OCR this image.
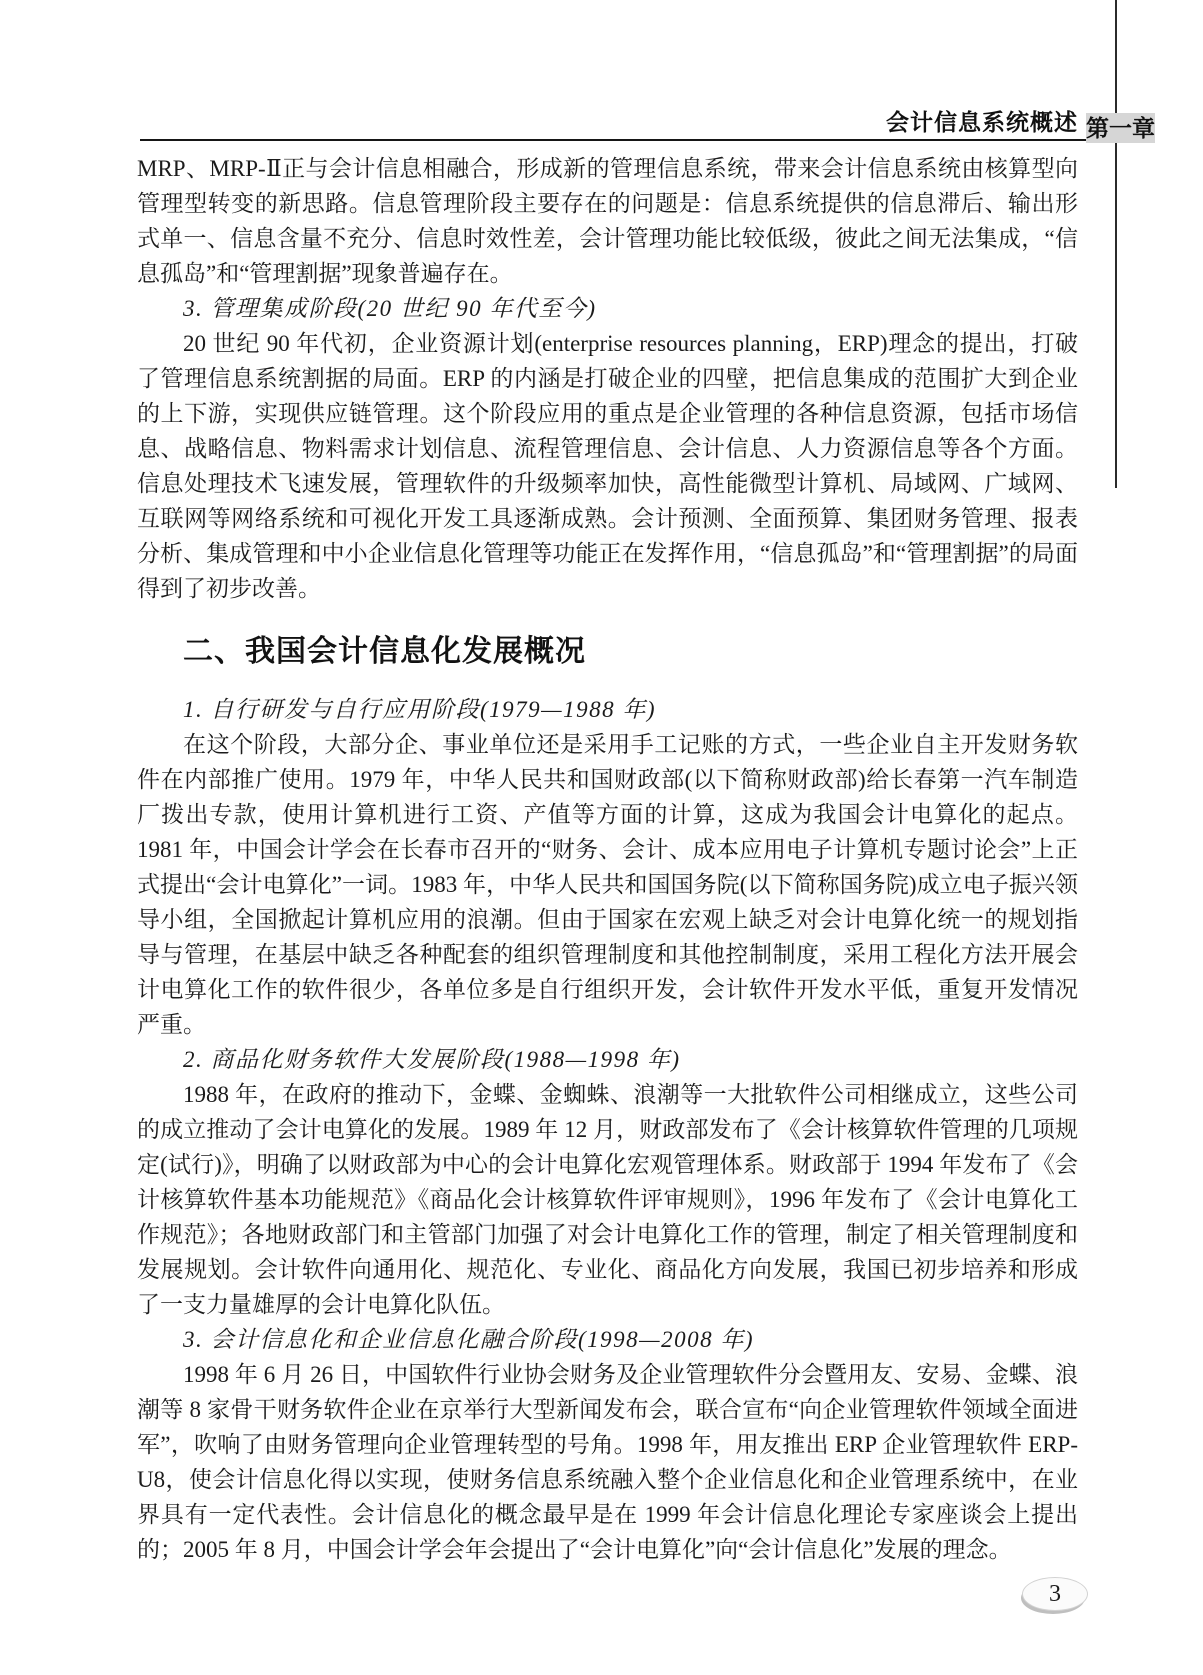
会计信息系统概述 第一章

MRP、MRP-Ⅱ正与会计信息相融合，形成新的管理信息系统，带来会计信息系统由核算型向管理型转变的新思路。信息管理阶段主要存在的问题是：信息系统提供的信息滞后、输出形式单一、信息含量不充分、信息时效性差，会计管理功能比较低级，彼此之间无法集成，“信息孤岛”和“管理割据”现象普遍存在。

3. 管理集成阶段(20 世纪 90 年代至今)

20 世纪 90 年代初，企业资源计划(enterprise resources planning，ERP)理念的提出，打破了管理信息系统割据的局面。ERP 的内涵是打破企业的四壁，把信息集成的范围扩大到企业的上下游，实现供应链管理。这个阶段应用的重点是企业管理的各种信息资源，包括市场信息、战略信息、物料需求计划信息、流程管理信息、会计信息、人力资源信息等各个方面。信息处理技术飞速发展，管理软件的升级频率加快，高性能微型计算机、局域网、广域网、互联网等网络系统和可视化开发工具逐渐成熟。会计预测、全面预算、集团财务管理、报表分析、集成管理和中小企业信息化管理等功能正在发挥作用，“信息孤岛”和“管理割据”的局面得到了初步改善。

二、我国会计信息化发展概况

1. 自行研发与自行应用阶段(1979—1988 年)

在这个阶段，大部分企、事业单位还是采用手工记账的方式，一些企业自主开发财务软件在内部推广使用。1979 年，中华人民共和国财政部(以下简称财政部)给长春第一汽车制造厂拨出专款，使用计算机进行工资、产值等方面的计算，这成为我国会计电算化的起点。1981 年，中国会计学会在长春市召开的“财务、会计、成本应用电子计算机专题讨论会”上正式提出“会计电算化”一词。1983 年，中华人民共和国国务院(以下简称国务院)成立电子振兴领导小组，全国掀起计算机应用的浪潮。但由于国家在宏观上缺乏对会计电算化统一的规划指导与管理，在基层中缺乏各种配套的组织管理制度和其他控制制度，采用工程化方法开展会计电算化工作的软件很少，各单位多是自行组织开发，会计软件开发水平低，重复开发情况严重。

2. 商品化财务软件大发展阶段(1988—1998 年)

1988 年，在政府的推动下，金蝶、金蜘蛛、浪潮等一大批软件公司相继成立，这些公司的成立推动了会计电算化的发展。1989 年 12 月，财政部发布了《会计核算软件管理的几项规定(试行)》，明确了以财政部为中心的会计电算化宏观管理体系。财政部于 1994 年发布了《会计核算软件基本功能规范》《商品化会计核算软件评审规则》，1996 年发布了《会计电算化工作规范》；各地财政部门和主管部门加强了对会计电算化工作的管理，制定了相关管理制度和发展规划。会计软件向通用化、规范化、专业化、商品化方向发展，我国已初步培养和形成了一支力量雄厚的会计电算化队伍。

3. 会计信息化和企业信息化融合阶段(1998—2008 年)

1998 年 6 月 26 日，中国软件行业协会财务及企业管理软件分会暨用友、安易、金蝶、浪潮等 8 家骨干财务软件企业在京举行大型新闻发布会，联合宣布“向企业管理软件领域全面进军”，吹响了由财务管理向企业管理转型的号角。1998 年，用友推出 ERP 企业管理软件 ERP-U8，使会计信息化得以实现，使财务信息系统融入整个企业信息化和企业管理系统中，在业界具有一定代表性。会计信息化的概念最早是在 1999 年会计信息化理论专家座谈会上提出的；2005 年 8 月，中国会计学会年会提出了“会计电算化”向“会计信息化”发展的理念。

3
